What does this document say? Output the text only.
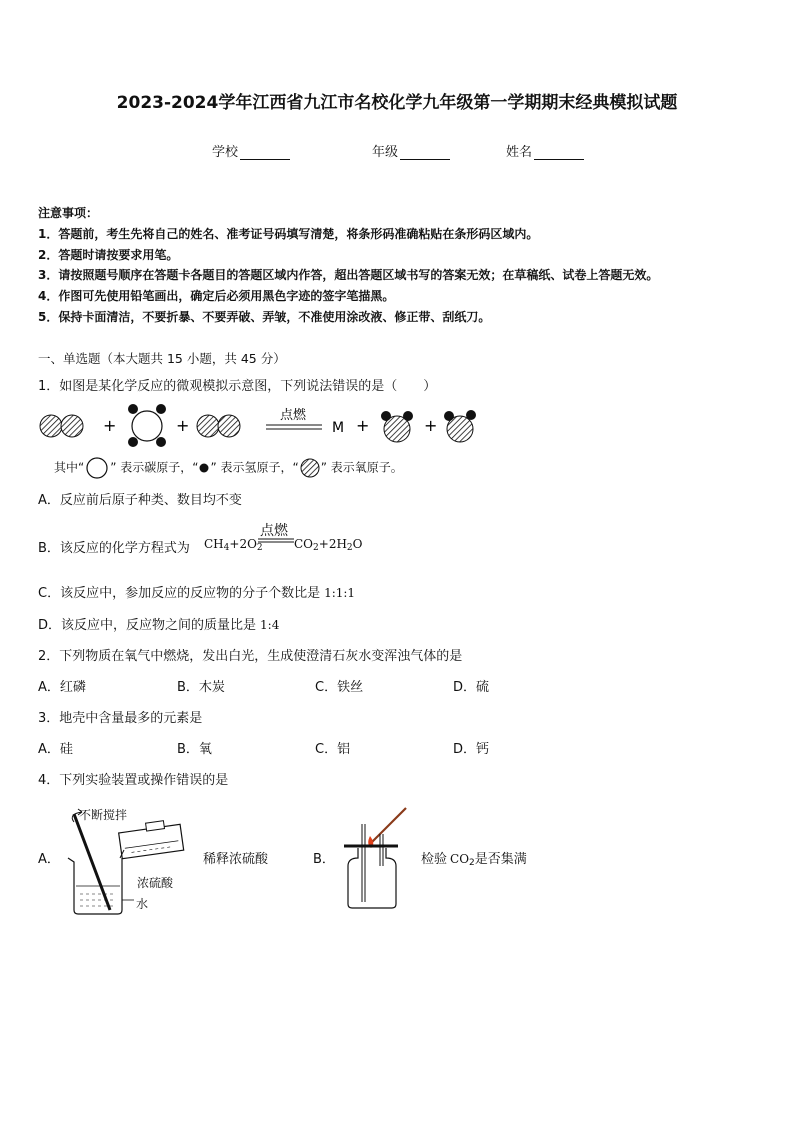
2023-2024学年江西省九江市名校化学九年级第一学期期末经典模拟试题
学校	年级	姓名
注意事项：
1．答题前，考生先将自己的姓名、准考证号码填写清楚，将条形码准确粘贴在条形码区域内。
2．答题时请按要求用笔。
3．请按照题号顺序在答题卡各题目的答题区域内作答，超出答题区域书写的答案无效；在草稿纸、试卷上答题无效。
4．作图可先使用铅笔画出，确定后必须用黑色字迹的签字笔描黑。
5．保持卡面清洁，不要折暴、不要弄破、弄皱，不准使用涂改液、修正带、刮纸刀。
一、单选题（本大题共 15 小题，共 45 分）
1．如图是某化学反应的微观模拟示意图，下列说法错误的是（　　）
+	+
点燃
M +	+
其中“ ” 表示碳原子，“ ” 表示氢原子，“ ” 表示氧原子。
A．反应前后原子种类、数目均不变
B．该反应的化学方程式为 $CH_4+2O_2$
点燃
$CO_2+2H_2O$
C．该反应中，参加反应的反应物的分子个数比是 1:1:1
D．该反应中，反应物之间的质量比是 1:4
2．下列物质在氧气中燃烧，发出白光，生成使澄清石灰水变浑浊气体的是
A．红磷	B．木炭	C．铁丝	D．硫
3．地壳中含量最多的元素是
A．硅	B．氧	C．铝	D．钙
4．下列实验装置或操作错误的是
A．
不断搅拌
浓硫酸
水
稀释浓硫酸	B．	检验 $CO_2$是否集满
